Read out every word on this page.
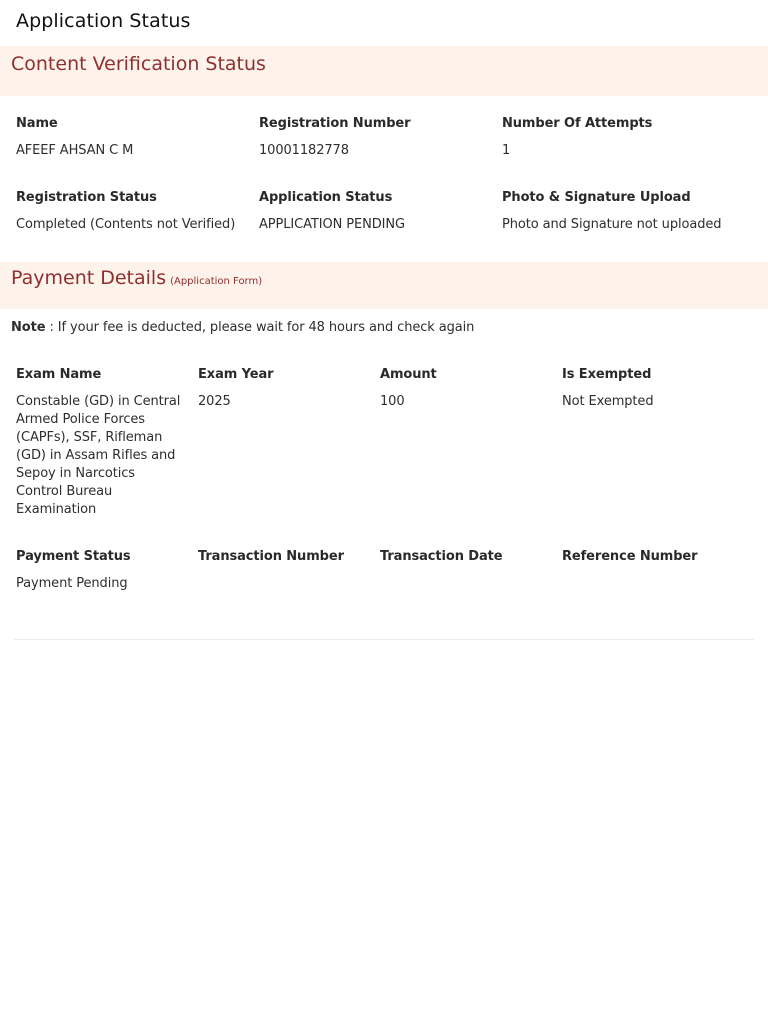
Application Status
Content Verification Status
Name
AFEEF AHSAN C M
Registration Number
10001182778
Number Of Attempts
1
Registration Status
Completed (Contents not Verified)
Application Status
APPLICATION PENDING
Photo & Signature Upload
Photo and Signature not uploaded
Payment Details (Application Form)
Note : If your fee is deducted, please wait for 48 hours and check again
Exam Name
Constable (GD) in Central Armed Police Forces (CAPFs), SSF, Rifleman (GD) in Assam Rifles and Sepoy in Narcotics Control Bureau Examination
Exam Year
2025
Amount
100
Is Exempted
Not Exempted
Payment Status
Payment Pending
Transaction Number	Transaction Date	Reference Number
